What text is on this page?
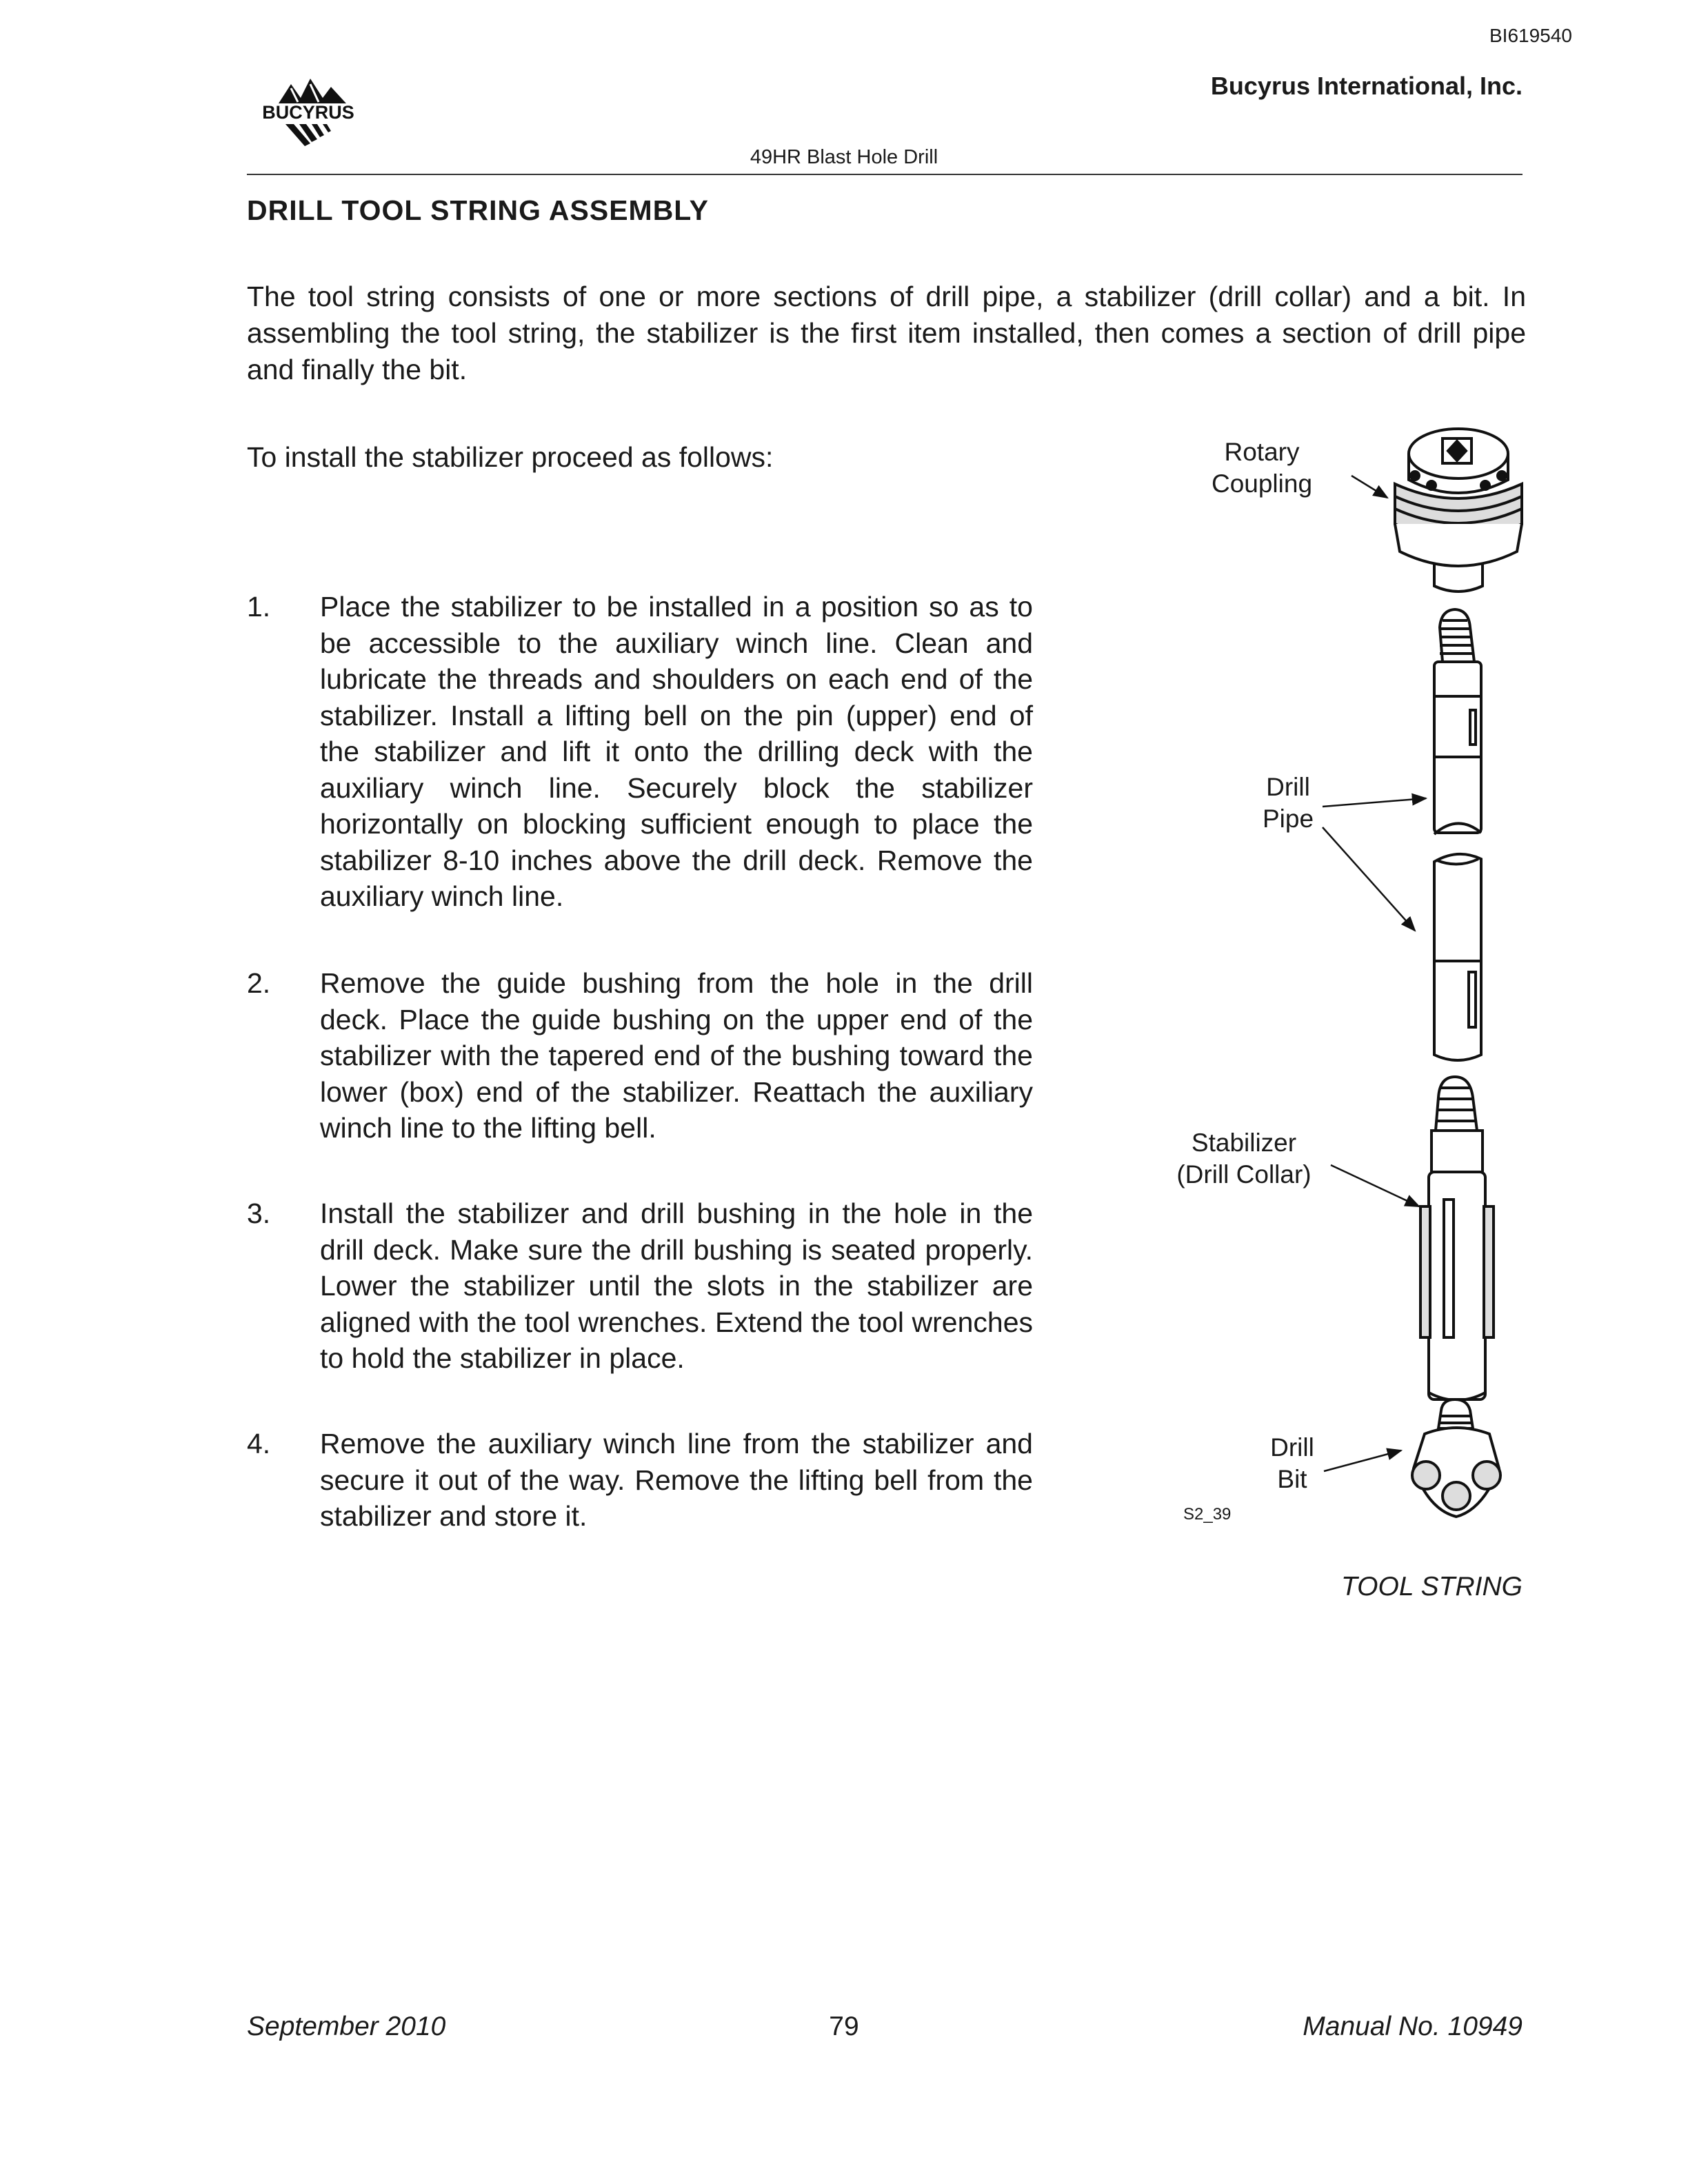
BI619540
BUCYRUS
Bucyrus International, Inc.
49HR Blast Hole Drill
DRILL TOOL STRING ASSEMBLY
The tool string consists of one or more sections of drill pipe, a stabilizer (drill collar) and a bit. In assembling the tool string, the stabilizer is the first item installed, then comes a section of drill pipe and finally the bit.
To install the stabilizer proceed as follows:
1. Place the stabilizer to be installed in a position so as to be accessible to the auxiliary winch line. Clean and lubricate the threads and shoulders on each end of the stabilizer. Install a lifting bell on the pin (upper) end of the stabilizer and lift it onto the drilling deck with the auxiliary winch line. Securely block the stabilizer horizontally on blocking sufficient enough to place the stabilizer 8-10 inches above the drill deck. Remove the auxiliary winch line.
2. Remove the guide bushing from the hole in the drill deck. Place the guide bushing on the upper end of the stabilizer with the tapered end of the bushing toward the lower (box) end of the stabilizer. Reattach the auxiliary winch line to the lifting bell.
3. Install the stabilizer and drill bushing in the hole in the drill deck. Make sure the drill bushing is seated properly. Lower the stabilizer until the slots in the stabilizer are aligned with the tool wrenches. Extend the tool wrenches to hold the stabilizer in place.
4. Remove the auxiliary winch line from the stabilizer and secure it out of the way. Remove the lifting bell from the stabilizer and store it.
Rotary
Coupling
Drill
Pipe
Stabilizer
(Drill Collar)
Drill
Bit
S2_39
TOOL STRING
September 2010	79	Manual No. 10949
